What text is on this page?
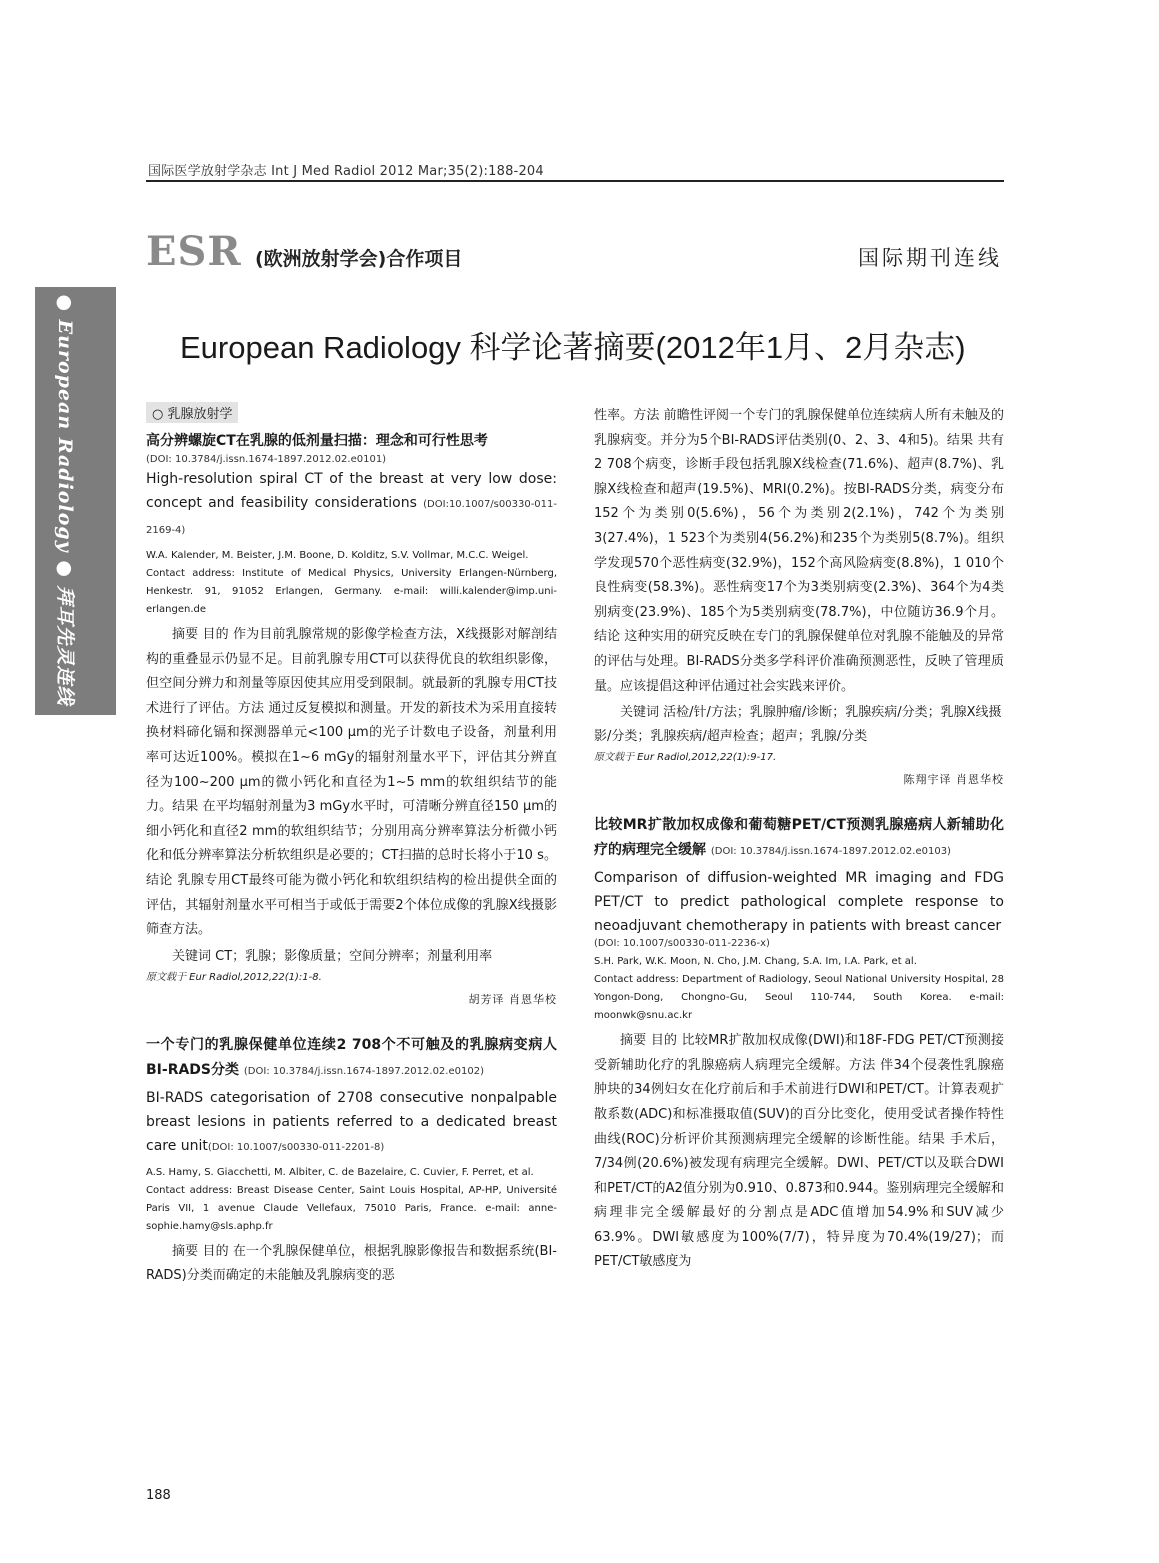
国际医学放射学杂志 Int J Med Radiol 2012 Mar;35(2):188-204
ESR (欧洲放射学会)合作项目	国际期刊连线
● European Radiology ● 拜耳先灵连线	European Radiology 科学论著摘要(2012年1月、2月杂志)
○ 乳腺放射学
高分辨螺旋CT在乳腺的低剂量扫描：理念和可行性思考
(DOI: 10.3784/j.issn.1674-1897.2012.02.e0101)
High-resolution spiral CT of the breast at very low dose: concept and feasibility considerations (DOI:10.1007/s00330-011-2169-4)
W.A. Kalender, M. Beister, J.M. Boone, D. Kolditz, S.V. Vollmar, M.C.C. Weigel.
Contact address: Institute of Medical Physics, University Erlangen-Nürnberg, Henkestr. 91, 91052 Erlangen, Germany. e-mail: willi.kalender@imp.uni-erlangen.de
摘要 目的 作为目前乳腺常规的影像学检查方法，X线摄影对解剖结构的重叠显示仍显不足。目前乳腺专用CT可以获得优良的软组织影像，但空间分辨力和剂量等原因使其应用受到限制。就最新的乳腺专用CT技术进行了评估。方法 通过反复模拟和测量。开发的新技术为采用直接转换材料碲化镉和探测器单元<100 μm的光子计数电子设备，剂量利用率可达近100%。模拟在1~6 mGy的辐射剂量水平下，评估其分辨直径为100~200 μm的微小钙化和直径为1~5 mm的软组织结节的能力。结果 在平均辐射剂量为3 mGy水平时，可清晰分辨直径150 μm的细小钙化和直径2 mm的软组织结节；分别用高分辨率算法分析微小钙化和低分辨率算法分析软组织是必要的；CT扫描的总时长将小于10 s。结论 乳腺专用CT最终可能为微小钙化和软组织结构的检出提供全面的评估，其辐射剂量水平可相当于或低于需要2个体位成像的乳腺X线摄影筛查方法。
关键词 CT；乳腺；影像质量；空间分辨率；剂量利用率
原文载于 Eur Radiol,2012,22(1):1-8.
胡芳译 肖恩华校
一个专门的乳腺保健单位连续2 708个不可触及的乳腺病变病人BI-RADS分类 (DOI: 10.3784/j.issn.1674-1897.2012.02.e0102)
BI-RADS categorisation of 2708 consecutive nonpalpable breast lesions in patients referred to a dedicated breast care unit(DOI: 10.1007/s00330-011-2201-8)
A.S. Hamy, S. Giacchetti, M. Albiter, C. de Bazelaire, C. Cuvier, F. Perret, et al.
Contact address: Breast Disease Center, Saint Louis Hospital, AP-HP, Université Paris VII, 1 avenue Claude Vellefaux, 75010 Paris, France. e-mail: anne-sophie.hamy@sls.aphp.fr
摘要 目的 在一个乳腺保健单位，根据乳腺影像报告和数据系统(BI-RADS)分类而确定的未能触及乳腺病变的恶
性率。方法 前瞻性评阅一个专门的乳腺保健单位连续病人所有未触及的乳腺病变。并分为5个BI-RADS评估类别(0、2、3、4和5)。结果 共有2 708个病变，诊断手段包括乳腺X线检查(71.6%)、超声(8.7%)、乳腺X线检查和超声(19.5%)、MRI(0.2%)。按BI-RADS分类，病变分布152个为类别0(5.6%)，56个为类别2(2.1%)，742个为类别3(27.4%)，1 523个为类别4(56.2%)和235个为类别5(8.7%)。组织学发现570个恶性病变(32.9%)，152个高风险病变(8.8%)，1 010个良性病变(58.3%)。恶性病变17个为3类别病变(2.3%)、364个为4类别病变(23.9%)、185个为5类别病变(78.7%)，中位随访36.9个月。结论 这种实用的研究反映在专门的乳腺保健单位对乳腺不能触及的异常的评估与处理。BI-RADS分类多学科评价准确预测恶性，反映了管理质量。应该提倡这种评估通过社会实践来评价。
关键词 活检/针/方法；乳腺肿瘤/诊断；乳腺疾病/分类；乳腺X线摄影/分类；乳腺疾病/超声检查；超声；乳腺/分类
原文载于 Eur Radiol,2012,22(1):9-17.
陈翔宇译 肖恩华校
比较MR扩散加权成像和葡萄糖PET/CT预测乳腺癌病人新辅助化疗的病理完全缓解 (DOI: 10.3784/j.issn.1674-1897.2012.02.e0103)
Comparison of diffusion-weighted MR imaging and FDG PET/CT to predict pathological complete response to neoadjuvant chemotherapy in patients with breast cancer
(DOI: 10.1007/s00330-011-2236-x)
S.H. Park, W.K. Moon, N. Cho, J.M. Chang, S.A. Im, I.A. Park, et al.
Contact address: Department of Radiology, Seoul National University Hospital, 28 Yongon-Dong, Chongno-Gu, Seoul 110-744, South Korea. e-mail: moonwk@snu.ac.kr
摘要 目的 比较MR扩散加权成像(DWI)和18F-FDG PET/CT预测接受新辅助化疗的乳腺癌病人病理完全缓解。方法 伴34个侵袭性乳腺癌肿块的34例妇女在化疗前后和手术前进行DWI和PET/CT。计算表观扩散系数(ADC)和标准摄取值(SUV)的百分比变化，使用受试者操作特性曲线(ROC)分析评价其预测病理完全缓解的诊断性能。结果 手术后，7/34例(20.6%)被发现有病理完全缓解。DWI、PET/CT以及联合DWI和PET/CT的A2值分别为0.910、0.873和0.944。鉴别病理完全缓解和病理非完全缓解最好的分割点是ADC值增加54.9%和SUV减少63.9%。DWI敏感度为100%(7/7)，特异度为70.4%(19/27)；而PET/CT敏感度为
188
